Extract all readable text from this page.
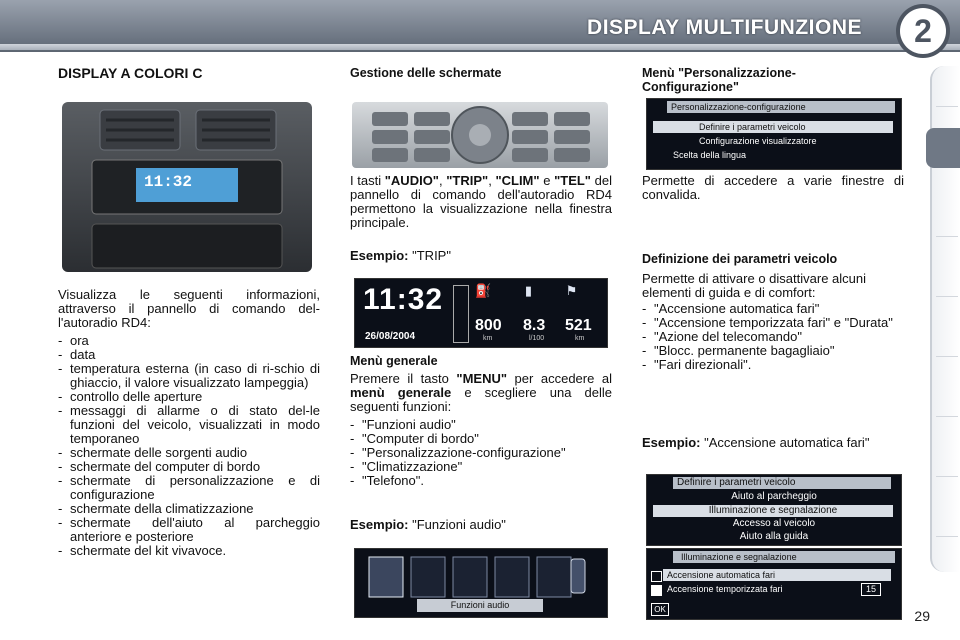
DISPLAY MULTIFUNZIONE	2
DISPLAY A COLORI C
11:32

Visualizza le seguenti informazioni, attraverso il pannello di comando del-l'autoradio RD4:

- ora
- data
- temperatura esterna (in caso di ri-schio di ghiaccio, il valore visualizzato lampeggia)
- controllo delle aperture
- messaggi di allarme o di stato del-le funzioni del veicolo, visualizzati in modo temporaneo
- schermate delle sorgenti audio
- schermate del computer di bordo
- schermate di personalizzazione e di configurazione
- schermate della climatizzazione
- schermate dell'aiuto al parcheggio anteriore e posteriore
- schermate del kit vivavoce.
Gestione delle schermate

I tasti "AUDIO", "TRIP", "CLIM" e "TEL" del pannello di comando dell'autoradio RD4 permettono la visualizzazione nella finestra principale.

Esempio: "TRIP"

11:32
26/08/2004
⛽	▮	⚑
800 8.3 521
km	l/100	km
Menù generale

Premere il tasto "MENU" per accedere al menù generale e scegliere una delle seguenti funzioni:

- "Funzioni audio"
- "Computer di bordo"
- "Personalizzazione-configurazione"
- "Climatizzazione"
- "Telefono".

Esempio: "Funzioni audio"

Funzioni audio
Menù "Personalizzazione-Configurazione"
Personalizzazione-configurazione
Definire i parametri veicolo
Configurazione visualizzatore
Scelta della lingua

Permette di accedere a varie finestre di convalida.

Definizione dei parametri veicolo

Permette di attivare o disattivare alcuni elementi di guida e di comfort:

- "Accensione automatica fari"
- "Accensione temporizzata fari" e "Durata"
- "Azione del telecomando"
- "Blocc. permanente bagagliaio"
- "Fari direzionali".

Esempio: "Accensione automatica fari"

Definire i parametri veicolo
Aiuto al parcheggio
Illuminazione e segnalazione
Accesso al veicolo
Aiuto alla guida
Illuminazione e segnalazione
Accensione automatica fari
Accensione temporizzata fari	15
OK	29
